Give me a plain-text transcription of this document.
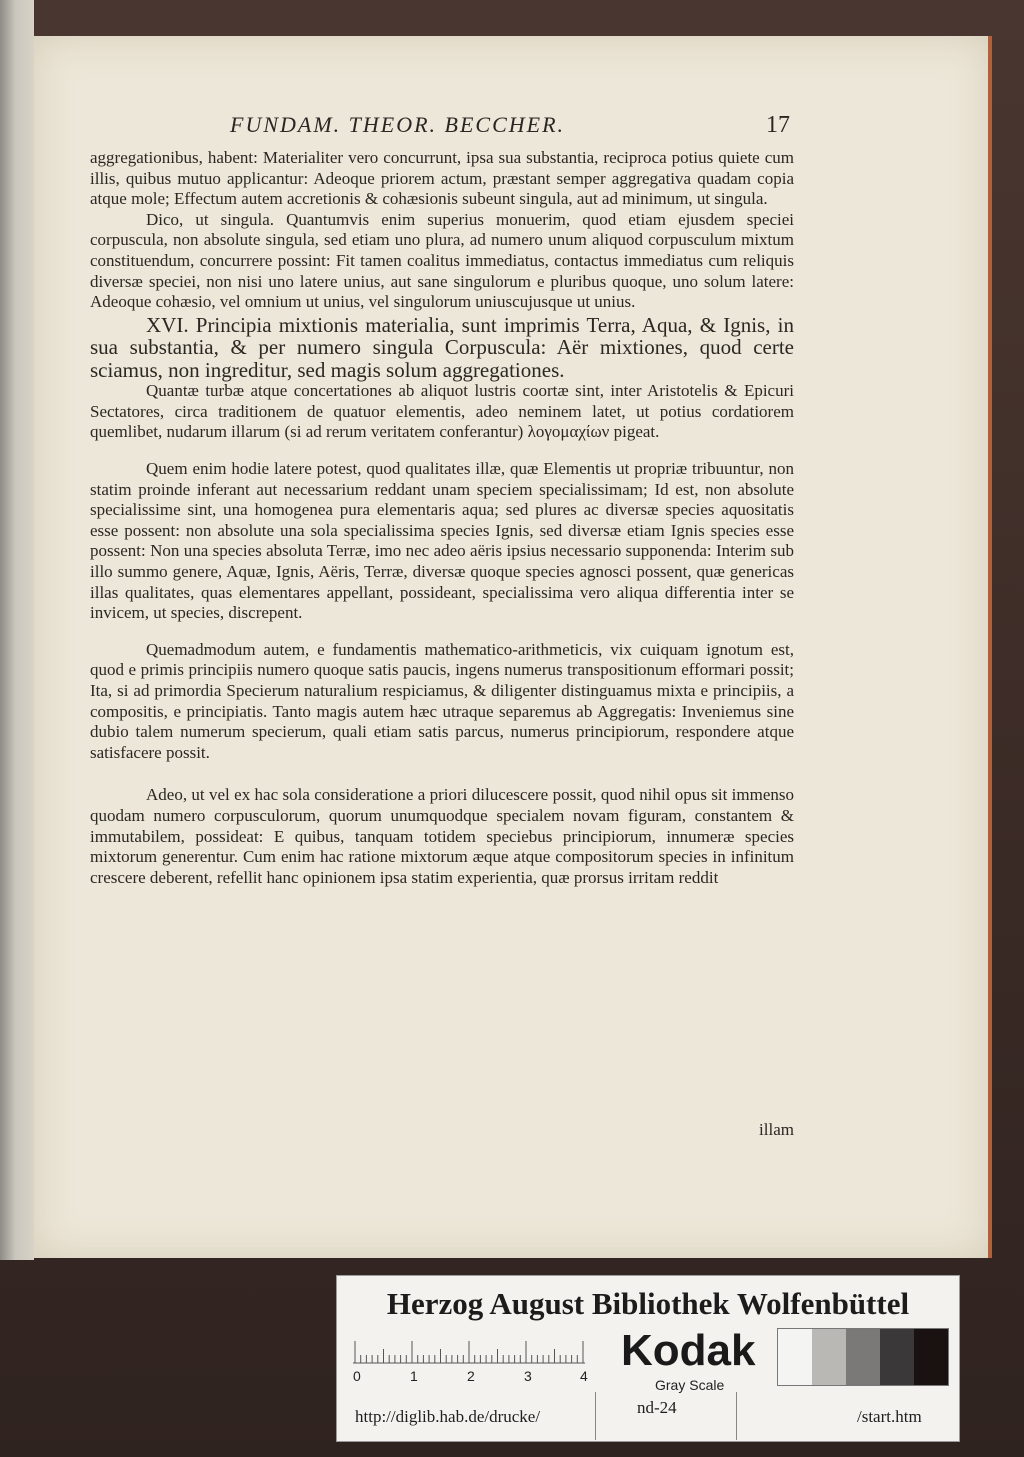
FUNDAM. THEOR. BECCHER.	17

aggregationibus, habent: Materialiter vero concurrunt, ipsa sua substantia, reciproca potius quiete cum illis, quibus mutuo applicantur: Adeoque priorem actum, præstant semper aggregativa quadam copia atque mole; Effectum autem accretionis & cohæsionis subeunt singula, aut ad minimum, ut singula.

Dico, ut singula. Quantumvis enim superius monuerim, quod etiam ejusdem speciei corpuscula, non absolute singula, sed etiam uno plura, ad numero unum aliquod corpusculum mixtum constituendum, concurrere possint: Fit tamen coalitus immediatus, contactus immediatus cum reliquis diversæ speciei, non nisi uno latere unius, aut sane singulorum e pluribus quoque, uno solum latere: Adeoque cohæsio, vel omnium ut unius, vel singulorum uniuscujusque ut unius.

XVI. Principia mixtionis materialia, sunt imprimis Terra, Aqua, & Ignis, in sua substantia, & per numero singula Corpuscula: Aër mixtiones, quod certe sciamus, non ingreditur, sed magis solum aggregationes.

Quantæ turbæ atque concertationes ab aliquot lustris coortæ sint, inter Aristotelis & Epicuri Sectatores, circa traditionem de quatuor elementis, adeo neminem latet, ut potius cordatiorem quemlibet, nudarum illarum (si ad rerum veritatem conferantur) λογομαχίων pigeat.

Quem enim hodie latere potest, quod qualitates illæ, quæ Elementis ut propriæ tribuuntur, non statim proinde inferant aut necessarium reddant unam speciem specialissimam; Id est, non absolute specialissime sint, una homogenea pura elementaris aqua; sed plures ac diversæ species aquositatis esse possent: non absolute una sola specialissima species Ignis, sed diversæ etiam Ignis species esse possent: Non una species absoluta Terræ, imo nec adeo aëris ipsius necessario supponenda: Interim sub illo summo genere, Aquæ, Ignis, Aëris, Terræ, diversæ quoque species agnosci possent, quæ genericas illas qualitates, quas elementares appellant, possideant, specialissima vero aliqua differentia inter se invicem, ut species, discrepent.

Quemadmodum autem, e fundamentis mathematico-arithmeticis, vix cuiquam ignotum est, quod e primis principiis numero quoque satis paucis, ingens numerus transpositionum efformari possit; Ita, si ad primordia Specierum naturalium respiciamus, & diligenter distinguamus mixta e principiis, a compositis, e principiatis. Tanto magis autem hæc utraque separemus ab Aggregatis: Inveniemus sine dubio talem numerum specierum, quali etiam satis parcus, numerus principiorum, respondere atque satisfacere possit.

Adeo, ut vel ex hac sola consideratione a priori dilucescere possit, quod nihil opus sit immenso quodam numero corpusculorum, quorum unumquodque specialem novam figuram, constantem & immutabilem, possideat: E quibus, tanquam totidem speciebus principiorum, innumeræ species mixtorum generentur. Cum enim hac ratione mixtorum æque atque compositorum species in infinitum crescere deberent, refellit hanc opinionem ipsa statim experientia, quæ prorsus irritam reddit

illam
Herzog August Bibliothek Wolfenbüttel
0	1	2	3	4
Kodak
Gray Scale
http://diglib.hab.de/drucke/	nd-24	/start.htm
